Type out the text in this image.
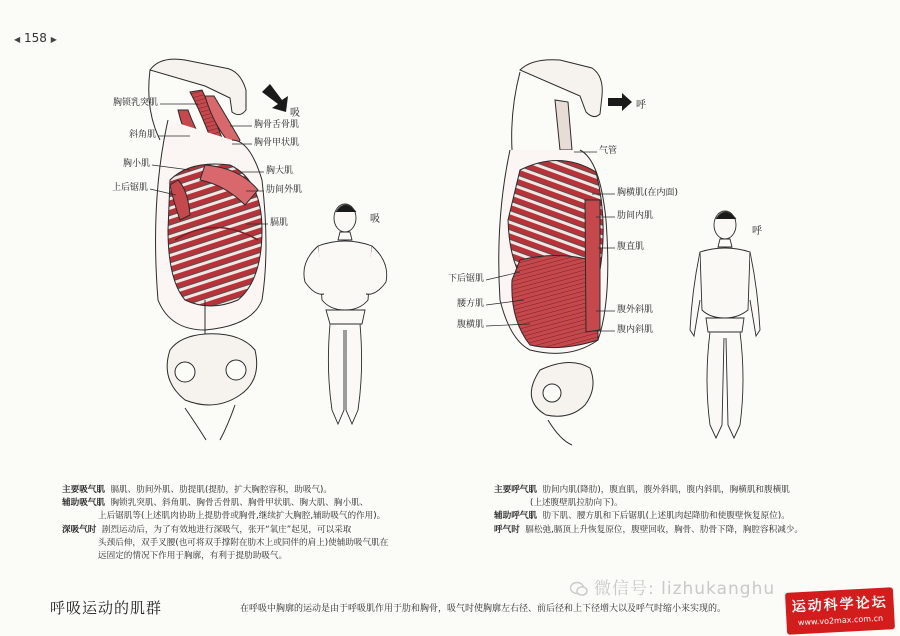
◀ 158 ▶
胸锁乳突肌
斜角肌
胸小肌
上后锯肌
胸骨舌骨肌
胸骨甲状肌
胸大肌
肋间外肌
膈肌
吸
吸
气管
胸横肌(在内面)
肋间内肌
腹直肌
下后锯肌
腰方肌
腹横肌
腹外斜肌
腹内斜肌
呼
呼
主要吸气肌 膈肌、肋间外肌、肋提肌(提肋，扩大胸腔容积，助吸气)。
辅助吸气肌 胸锁乳突肌、斜角肌、胸骨舌骨肌、胸骨甲状肌、胸大肌、胸小肌、
上后锯肌等(上述肌肉协助上提肋骨或胸骨,继续扩大胸腔,辅助吸气的作用)。
深吸气时 剧烈运动后，为了有效地进行深吸气，张开“氧庄”起见，可以采取
头颈后伸，双手叉腰(也可将双手撑附在肋木上或同伴的肩上)使辅助吸气肌在
远固定的情况下作用于胸廓，有利于提肋助吸气。
主要呼气肌 肋间内肌(降肋)，腹直肌，腹外斜肌，腹内斜肌，胸横肌和腹横肌
(上述腹壁肌拉肋向下)。
辅助呼气肌 肋下肌、腰方肌和下后锯肌(上述肌肉起降肋和使腹壁恢复原位)。
呼气时 膈松弛,膈顶上升恢复原位，腹壁回收，胸骨、肋骨下降，胸腔容积减少。
微信号: lizhukanghu
呼吸运动的肌群	在呼吸中胸廓的运动是由于呼吸肌作用于肋和胸骨，吸气时使胸廓左右径、前后径和上下径增大以及呼气时缩小来实现的。	运动科学论坛
www.vo2max.com.cn
